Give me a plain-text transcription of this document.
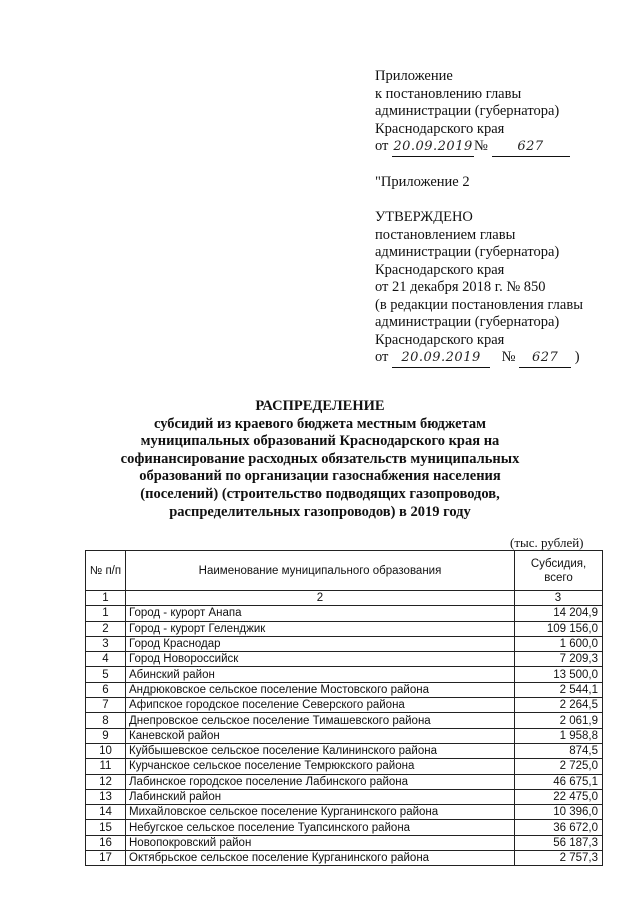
Приложение
к постановлению главы
администрации (губернатора)
Краснодарского края
от 20.09.2019№ 627
"Приложение 2
УТВЕРЖДЕНО
постановлением главы
администрации (губернатора)
Краснодарского края
от 21 декабря 2018 г. № 850
(в редакции постановления главы
администрации (губернатора)
Краснодарского края
от 20.09.2019 № 627 )
РАСПРЕДЕЛЕНИЕ
субсидий из краевого бюджета местным бюджетам
муниципальных образований Краснодарского края на
софинансирование расходных обязательств муниципальных
образований по организации газоснабжения населения
(поселений) (строительство подводящих газопроводов,
распределительных газопроводов) в 2019 году
(тыс. рублей)
№ п/п	Наименование муниципального образования	Субсидия, всего
1	2	3
1	Город - курорт Анапа	14 204,9
2	Город - курорт Геленджик	109 156,0
3	Город Краснодар	1 600,0
4	Город Новороссийск	7 209,3
5	Абинский район	13 500,0
6	Андрюковское сельское поселение Мостовского района	2 544,1
7	Афипское городское поселение Северского района	2 264,5
8	Днепровское сельское поселение Тимашевского района	2 061,9
9	Каневской район	1 958,8
10	Куйбышевское сельское поселение Калининского района	874,5
11	Курчанское сельское поселение Темрюкского района	2 725,0
12	Лабинское городское поселение Лабинского района	46 675,1
13	Лабинский район	22 475,0
14	Михайловское сельское поселение Курганинского района	10 396,0
15	Небугское сельское поселение Туапсинского района	36 672,0
16	Новопокровский район	56 187,3
17	Октябрьское сельское поселение Курганинского района	2 757,3
